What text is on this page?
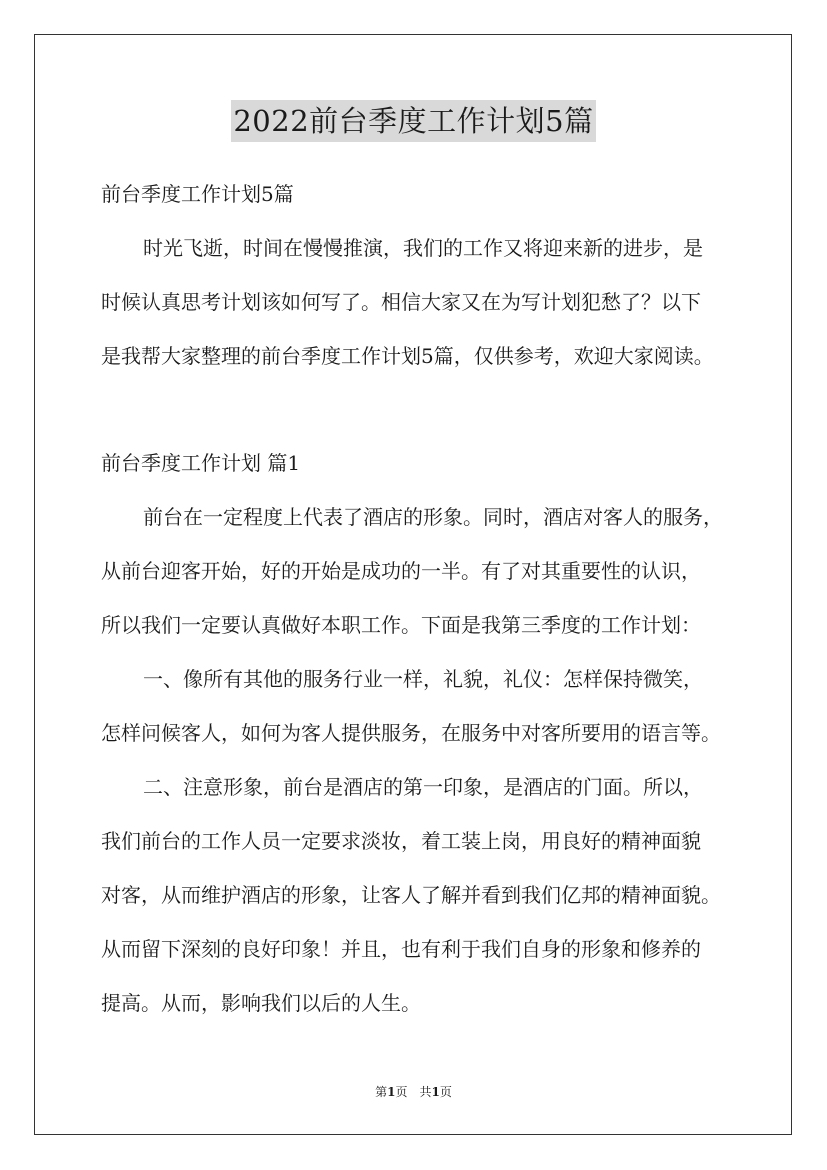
2022前台季度工作计划5篇
前台季度工作计划5篇
时光飞逝，时间在慢慢推演，我们的工作又将迎来新的进步，是
时候认真思考计划该如何写了。相信大家又在为写计划犯愁了？以下
是我帮大家整理的前台季度工作计划5篇，仅供参考，欢迎大家阅读。
前台季度工作计划 篇1
前台在一定程度上代表了酒店的形象。同时，酒店对客人的服务，
从前台迎客开始，好的开始是成功的一半。有了对其重要性的认识，
所以我们一定要认真做好本职工作。下面是我第三季度的工作计划：
一、像所有其他的服务行业一样，礼貌，礼仪：怎样保持微笑，
怎样问候客人，如何为客人提供服务，在服务中对客所要用的语言等。
二、注意形象，前台是酒店的第一印象，是酒店的门面。所以，
我们前台的工作人员一定要求淡妆，着工装上岗，用良好的精神面貌
对客，从而维护酒店的形象，让客人了解并看到我们亿邦的精神面貌。
从而留下深刻的良好印象！并且，也有利于我们自身的形象和修养的
提高。从而，影响我们以后的人生。
第1页　共1页
